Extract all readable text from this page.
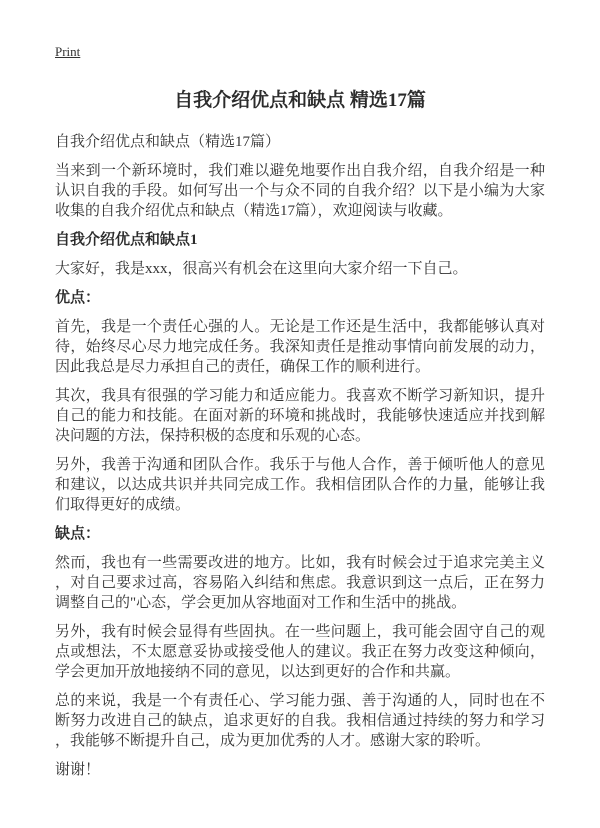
Print
自我介绍优点和缺点 精选17篇

自我介绍优点和缺点（精选17篇）

当来到一个新环境时，我们难以避免地要作出自我介绍，自我介绍是一种认识自我的手段。如何写出一个与众不同的自我介绍？以下是小编为大家收集的自我介绍优点和缺点（精选17篇），欢迎阅读与收藏。

自我介绍优点和缺点1

大家好，我是xxx，很高兴有机会在这里向大家介绍一下自己。

优点：

首先，我是一个责任心强的人。无论是工作还是生活中，我都能够认真对待，始终尽心尽力地完成任务。我深知责任是推动事情向前发展的动力，因此我总是尽力承担自己的责任，确保工作的顺利进行。

其次，我具有很强的学习能力和适应能力。我喜欢不断学习新知识，提升自己的能力和技能。在面对新的环境和挑战时，我能够快速适应并找到解决问题的方法，保持积极的态度和乐观的心态。

另外，我善于沟通和团队合作。我乐于与他人合作，善于倾听他人的意见和建议，以达成共识并共同完成工作。我相信团队合作的力量，能够让我们取得更好的成绩。

缺点：

然而，我也有一些需要改进的地方。比如，我有时候会过于追求完美主义，对自己要求过高，容易陷入纠结和焦虑。我意识到这一点后，正在努力调整自己的"心态，学会更加从容地面对工作和生活中的挑战。

另外，我有时候会显得有些固执。在一些问题上，我可能会固守自己的观点或想法，不太愿意妥协或接受他人的建议。我正在努力改变这种倾向，学会更加开放地接纳不同的意见，以达到更好的合作和共赢。

总的来说，我是一个有责任心、学习能力强、善于沟通的人，同时也在不断努力改进自己的缺点，追求更好的自我。我相信通过持续的努力和学习，我能够不断提升自己，成为更加优秀的人才。感谢大家的聆听。

谢谢！
